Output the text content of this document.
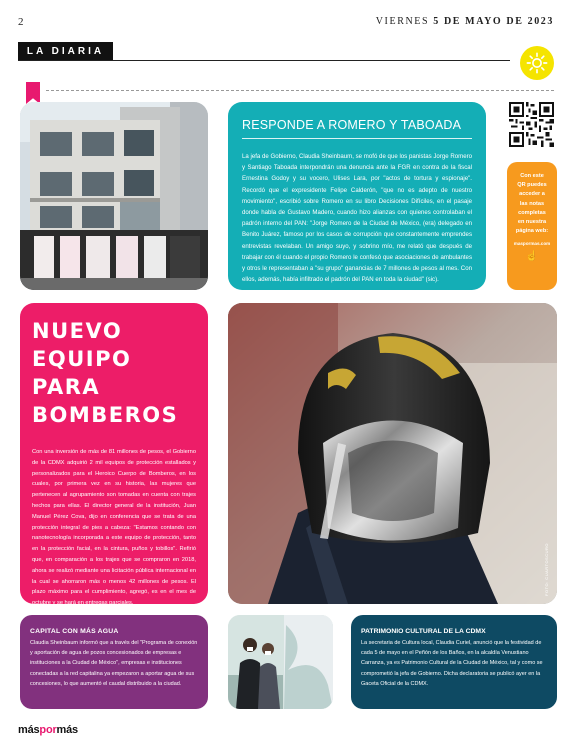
2	VIERNES 5 DE MAYO DE 2023
LA DIARIA
RESPONDE A ROMERO Y TABOADA

La jefa de Gobierno, Claudia Sheinbaum, se mofó de que los panistas Jorge Romero y Santiago Taboada interpondrán una denuncia ante la FGR en contra de la fiscal Ernestina Godoy y su vocero, Ulises Lara, por "actos de tortura y espionaje". Recordó que el expresidente Felipe Calderón, "que no es adepto de nuestro movimiento", escribió sobre Romero en su libro Decisiones Difíciles, en el pasaje donde habla de Gustavo Madero, cuando hizo alianzas con quienes controlaban el padrón interno del PAN: "Jorge Romero de la Ciudad de México, (era) delegado en Benito Juárez, famoso por los casos de corrupción que constantemente emprendes entrevistas revelaban. Un amigo suyo, y sobrino mío, me relató que después de trabajar con él cuando el propio Romero le confesó que asociaciones de ambulantes y otros le representaban a "su grupo" ganancias de 7 millones de pesos al mes. Con ellos, además, había infiltrado el padrón del PAN en toda la ciudad" (sic).

Con este
QR puedes
acceder a
las notas
completas
en nuestra
página web:
maspormas.com
☝
NUEVO
EQUIPO PARA
BOMBEROS

Con una inversión de más de 81 millones de pesos, el Gobierno de la CDMX adquirió 2 mil equipos de protección estallados y personalizados para el Heroico Cuerpo de Bomberos, en los cuales, por primera vez en su historia, las mujeres que pertenecen al agrupamiento son tomadas en cuenta con trajes hechos para ellas. El director general de la institución, Juan Manuel Pérez Cova, dijo en conferencia que se trata de una protección integral de pies a cabeza: "Estamos contando con nanotecnología incorporada a este equipo de protección, tanto en la protección facial, en la cintura, puños y tobillos". Refirió que, en comparación a los trajes que se compraron en 2018, ahora se realizó mediante una licitación pública internacional en la cual se ahorraron más o menos 42 millones de pesos. El plazo máximo para el cumplimiento, agregó, es en el mes de octubre y se hará en entregas parciales.

FOTO: CUARTOSCURO
CAPITAL CON MÁS AGUA

Claudia Sheinbaum informó que a través del "Programa de conexión y aportación de agua de pozos concesionados de empresas e instituciones a la Ciudad de México", empresas e instituciones conectadas a la red capitalina ya empezaron a aportar agua de sus concesiones, lo que aumentó el caudal distribuido a la ciudad.

PATRIMONIO CULTURAL DE LA CDMX

La secretaria de Cultura local, Claudia Curiel, anunció que la festividad de cada 5 de mayo en el Peñón de los Baños, en la alcaldía Venustiano Carranza, ya es Patrimonio Cultural de la Ciudad de México, tal y como se comprometió la jefa de Gobierno. Dicha declaratoria se publicó ayer en la Gaceta Oficial de la CDMX.

máspormás
